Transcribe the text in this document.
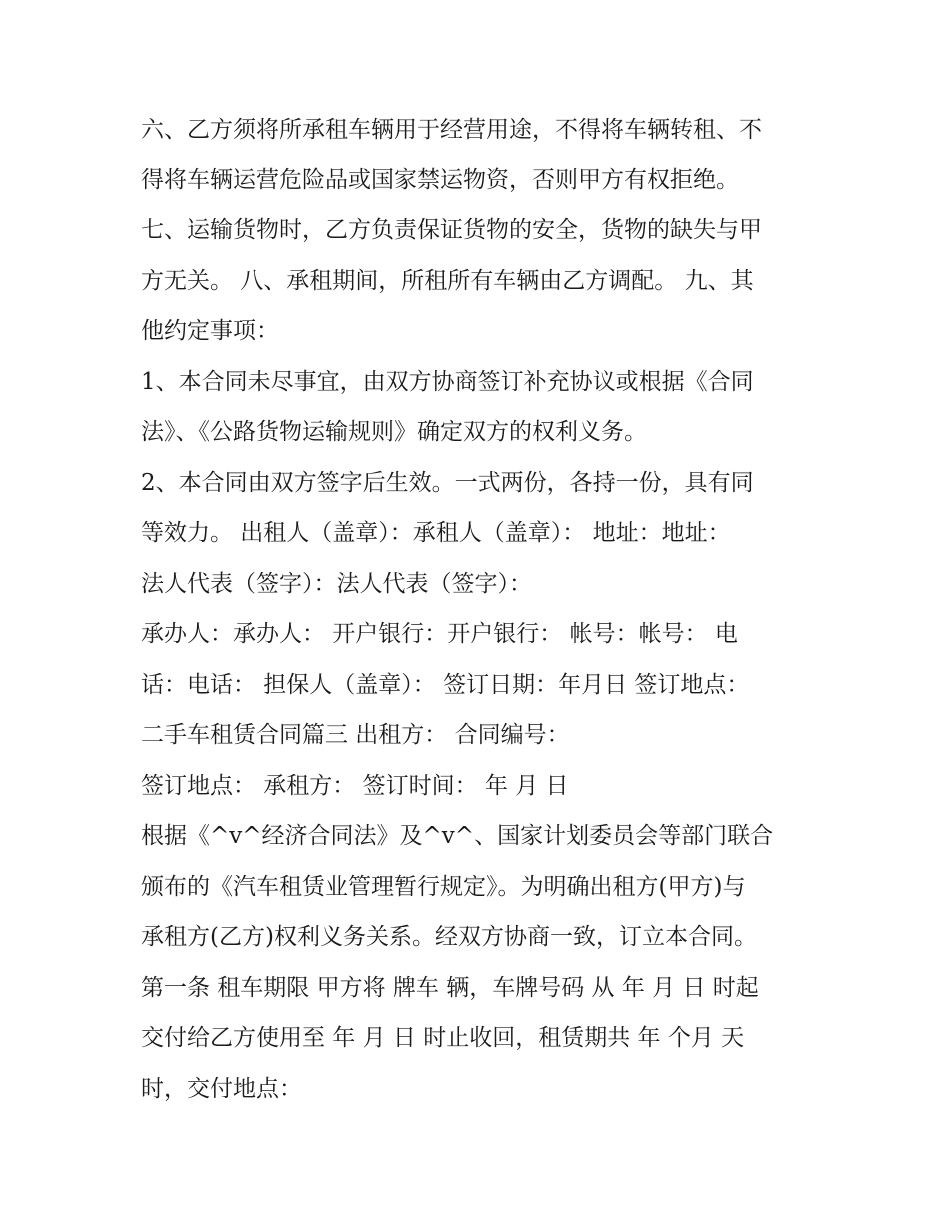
六、乙方须将所承租车辆用于经营用途，不得将车辆转租、不
得将车辆运营危险品或国家禁运物资，否则甲方有权拒绝。
七、运输货物时，乙方负责保证货物的安全，货物的缺失与甲
方无关。 八、承租期间，所租所有车辆由乙方调配。 九、其
他约定事项：
1、本合同未尽事宜，由双方协商签订补充协议或根据《合同
法》、《公路货物运输规则》确定双方的权利义务。
2、本合同由双方签字后生效。一式两份，各持一份，具有同
等效力。 出租人（盖章）：承租人（盖章）： 地址：地址：
法人代表（签字）：法人代表（签字）：
承办人：承办人： 开户银行：开户银行： 帐号：帐号： 电
话：电话： 担保人（盖章）： 签订日期：年月日 签订地点：
二手车租赁合同篇三 出租方： 合同编号：
签订地点： 承租方： 签订时间： 年 月 日
根据《^v^经济合同法》及^v^、国家计划委员会等部门联合
颁布的《汽车租赁业管理暂行规定》。为明确出租方(甲方)与
承租方(乙方)权利义务关系。经双方协商一致，订立本合同。
第一条 租车期限 甲方将 牌车 辆，车牌号码 从 年 月 日 时起
交付给乙方使用至 年 月 日 时止收回，租赁期共 年 个月 天
时，交付地点：
